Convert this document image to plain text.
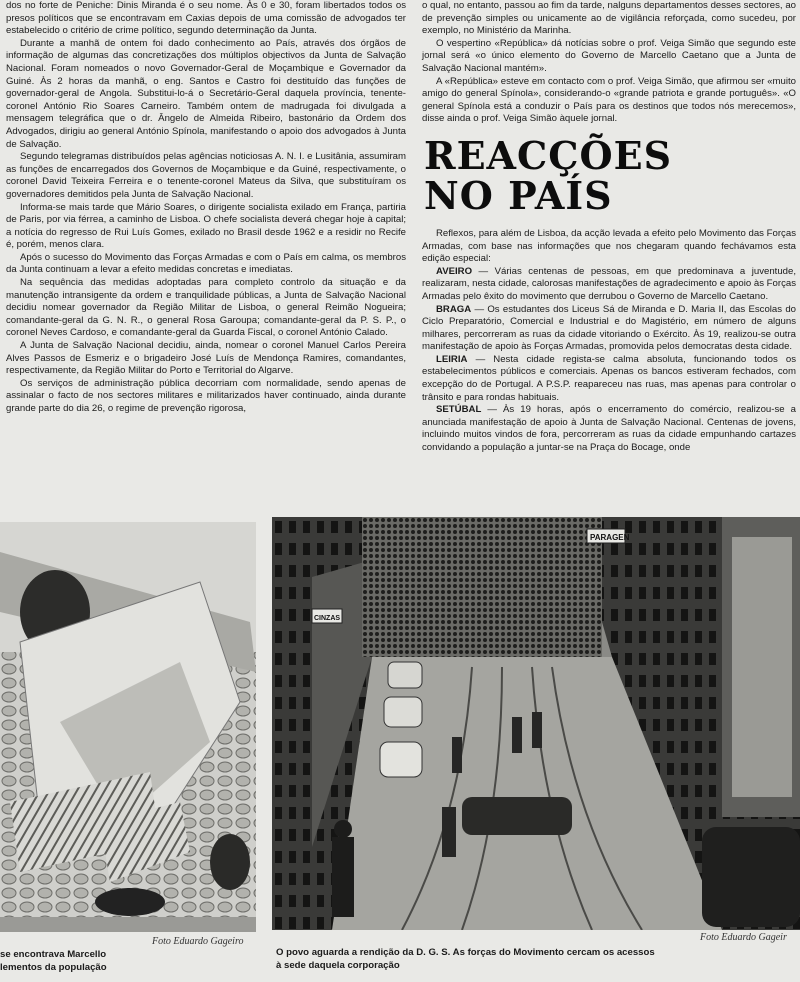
dos no forte de Peniche: Dinis Miranda é o seu nome. Às 0 e 30, foram libertados todos os presos políticos que se encontravam em Caxias depois de uma comissão de advogados ter estabelecido o critério de crime político, segundo determinação da Junta.

Durante a manhã de ontem foi dado conhecimento ao País, através dos órgãos de informação de algumas das concretizações dos múltiplos objectivos da Junta de Salvação Nacional. Foram nomeados o novo Governador-Geral de Moçambique e Governador da Guiné. Às 2 horas da manhã, o eng. Santos e Castro foi destituído das funções de governador-geral de Angola. Substitui-lo-á o Secretário-Geral daquela província, tenente-coronel António Rio Soares Carneiro. Também ontem de madrugada foi divulgada a mensagem telegráfica que o dr. Ângelo de Almeida Ribeiro, bastonário da Ordem dos Advogados, dirigiu ao general António Spínola, manifestando o apoio dos advogados à Junta de Salvação.

Segundo telegramas distribuídos pelas agências noticiosas A. N. I. e Lusitânia, assumiram as funções de encarregados dos Governos de Moçambique e da Guiné, respectivamente, o coronel David Teixeira Ferreira e o tenente-coronel Mateus da Silva, que substituíram os governadores demitidos pela Junta de Salvação Nacional.

Informa-se mais tarde que Mário Soares, o dirigente socialista exilado em França, partiria de Paris, por via férrea, a caminho de Lisboa. O chefe socialista deverá chegar hoje à capital; a notícia do regresso de Rui Luís Gomes, exilado no Brasil desde 1962 e a residir no Recife é, porém, menos clara.

Após o sucesso do Movimento das Forças Armadas e com o País em calma, os membros da Junta continuam a levar a efeito medidas concretas e imediatas.

Na sequência das medidas adoptadas para completo controlo da situação e da manutenção intransigente da ordem e tranquilidade públicas, a Junta de Salvação Nacional decidiu nomear governador da Região Militar de Lisboa, o general Reimão Nogueira; comandante-geral da G. N. R., o general Rosa Garoupa; comandante-geral da P. S. P., o coronel Neves Cardoso, e comandante-geral da Guarda Fiscal, o coronel António Calado.

A Junta de Salvação Nacional decidiu, ainda, nomear o coronel Manuel Carlos Pereira Alves Passos de Esmeriz e o brigadeiro José Luís de Mendonça Ramires, comandantes, respectivamente, da Região Militar do Porto e Territorial do Algarve.

Os serviços de administração pública decorriam com normalidade, sendo apenas de assinalar o facto de nos sectores militares e militarizados haver continuado, ainda durante grande parte do dia 26, o regime de prevenção rigorosa,

o qual, no entanto, passou ao fim da tarde, nalguns departamentos desses sectores, ao de prevenção simples ou unicamente ao de vigilância reforçada, como sucedeu, por exemplo, no Ministério da Marinha.

O vespertino «República» dá notícias sobre o prof. Veiga Simão que segundo este jornal será «o único elemento do Governo de Marcello Caetano que a Junta de Salvação Nacional mantém».

A «República» esteve em contacto com o prof. Veiga Simão, que afirmou ser «muito amigo do general Spínola», considerando-o «grande patriota e grande português». «O general Spínola está a conduzir o País para os destinos que todos nós merecemos», disse ainda o prof. Veiga Simão àquele jornal.

REACÇÕES
NO PAÍS

Reflexos, para além de Lisboa, da acção levada a efeito pelo Movimento das Forças Armadas, com base nas informações que nos chegaram quando fechávamos esta edição especial:

AVEIRO — Várias centenas de pessoas, em que predominava a juventude, realizaram, nesta cidade, calorosas manifestações de agradecimento e apoio às Forças Armadas pelo êxito do movimento que derrubou o Governo de Marcello Caetano.

BRAGA — Os estudantes dos Liceus Sá de Miranda e D. Maria II, das Escolas do Ciclo Preparatório, Comercial e Industrial e do Magistério, em número de alguns milhares, percorreram as ruas da cidade vitoriando o Exército. Às 19, realizou-se outra manifestação de apoio às Forças Armadas, promovida pelos democratas desta cidade.

LEIRIA — Nesta cidade regista-se calma absoluta, funcionando todos os estabelecimentos públicos e comerciais. Apenas os bancos estiveram fechados, com excepção do de Portugal. A P.S.P. reapareceu nas ruas, mas apenas para controlar o trânsito e para rondas habituais.

SETÚBAL — Às 19 horas, após o encerramento do comércio, realizou-se a anunciada manifestação de apoio à Junta de Salvação Nacional. Centenas de jovens, incluindo muitos vindos de fora, percorreram as ruas da cidade empunhando cartazes convidando a população a juntar-se na Praça do Bocage, onde

Foto Eduardo Gageiro
se encontrava Marcello
lementos da população
PARAGEN
CINZAS
Foto Eduardo Gageir
O povo aguarda a rendição da D. G. S. As forças do Movimento cercam os acessos
à sede daquela corporação
